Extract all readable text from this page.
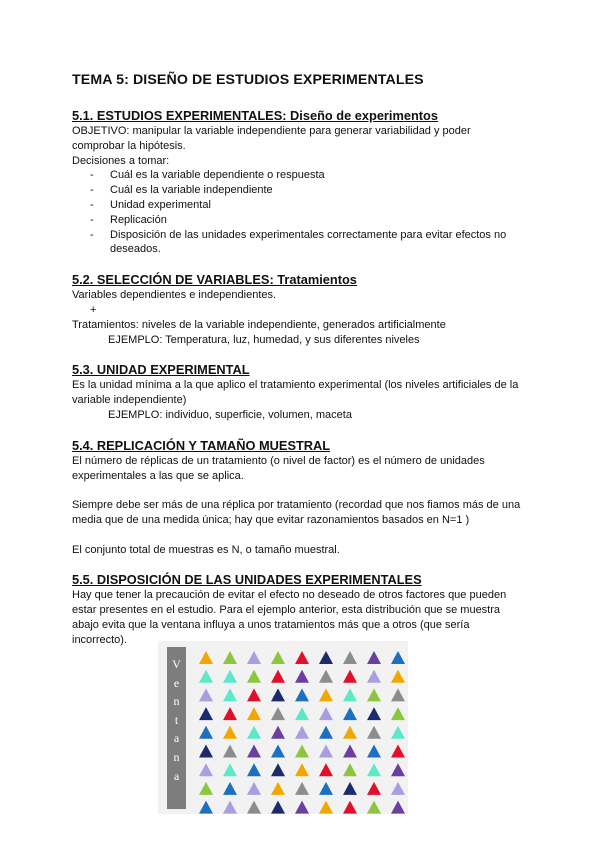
TEMA 5: DISEÑO DE ESTUDIOS EXPERIMENTALES
5.1. ESTUDIOS EXPERIMENTALES: Diseño de experimentos

OBJETIVO: manipular la variable independiente para generar variabilidad y poder

comprobar la hipótesis.

Decisiones a tomar:

- Cuál es la variable dependiente o respuesta
- Cuál es la variable independiente
- Unidad experimental
- Replicación
- Disposición de las unidades experimentales correctamente para evitar efectos no

deseados.

5.2. SELECCIÓN DE VARIABLES: Tratamientos

Variables dependientes e independientes.

+

Tratamientos: niveles de la variable independiente, generados artificialmente

EJEMPLO: Temperatura, luz, humedad, y sus diferentes niveles

5.3. UNIDAD EXPERIMENTAL

Es la unidad mínima a la que aplico el tratamiento experimental (los niveles artificiales de la

variable independiente)

EJEMPLO: individuo, superficie, volumen, maceta

5.4. REPLICACIÓN Y TAMAÑO MUESTRAL

El número de réplicas de un tratamiento (o nivel de factor) es el número de unidades

experimentales a las que se aplica.

Siempre debe ser más de una réplica por tratamiento (recordad que nos fiamos más de una

media que de una medida única; hay que evitar razonamientos basados en N=1 )

El conjunto total de muestras es N, o tamaño muestral.

5.5. DISPOSICIÓN DE LAS UNIDADES EXPERIMENTALES

Hay que tener la precaución de evitar el efecto no deseado de otros factores que pueden

estar presentes en el estudio. Para el ejemplo anterior, esta distribución que se muestra

abajo evita que la ventana influya a unos tratamientos más que a otros (que sería

incorrecto).

V
e
n
t
a
n
a
